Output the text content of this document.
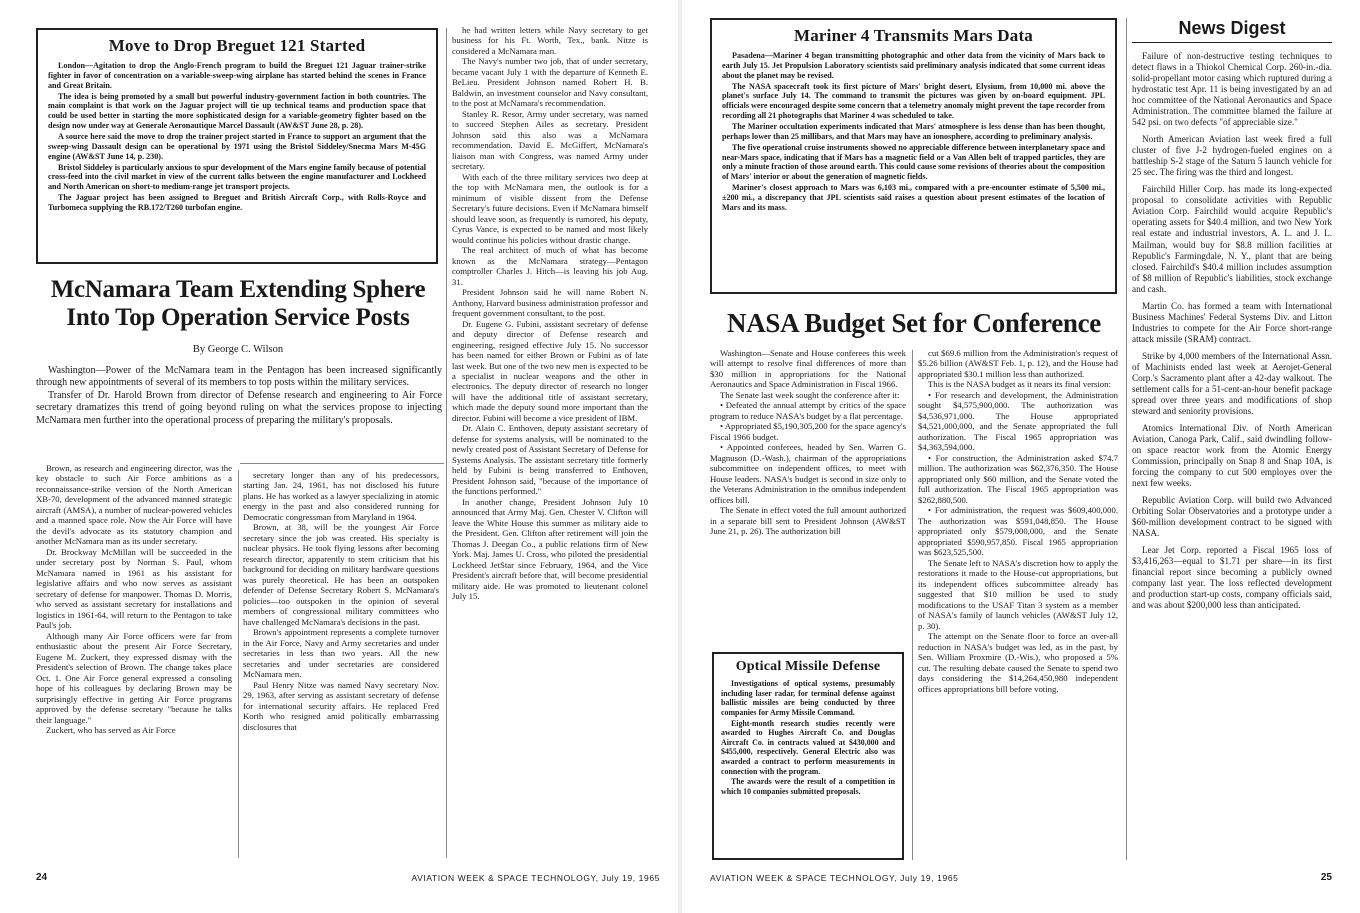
Move to Drop Breguet 121 Started

London—Agitation to drop the Anglo-French program to build the Breguet 121 Jaguar trainer-strike fighter in favor of concentration on a variable-sweep-wing airplane has started behind the scenes in France and Great Britain.

The idea is being promoted by a small but powerful industry-government faction in both countries. The main complaint is that work on the Jaguar project will tie up technical teams and production space that could be used better in starting the more sophisticated design for a variable-geometry fighter based on the design now under way at Generale Aeronautique Marcel Dassault (AW&ST June 28, p. 28).

A source here said the move to drop the trainer project started in France to support an argument that the sweep-wing Dassault design can be operational by 1971 using the Bristol Siddeley/Snecma Mars M-45G engine (AW&ST June 14, p. 230).

Bristol Siddeley is particularly anxious to spur development of the Mars engine family because of potential cross-feed into the civil market in view of the current talks between the engine manufacturer and Lockheed and North American on short-to medium-range jet transport projects.

The Jaguar project has been assigned to Breguet and British Aircraft Corp., with Rolls-Royce and Turbomeca supplying the RB.172/T260 turbofan engine.

McNamara Team Extending Sphere Into Top Operation Service Posts
By George C. Wilson

Washington—Power of the McNamara team in the Pentagon has been increased significantly through new appointments of several of its members to top posts within the military services.

Transfer of Dr. Harold Brown from director of Defense research and engineering to Air Force secretary dramatizes this trend of going beyond ruling on what the services propose to injecting McNamara men further into the operational process of preparing the military's proposals.

Brown, as research and engineering director, was the key obstacle to such Air Force ambitions as a reconnaissance-strike version of the North American XB-70, development of the advanced manned strategic aircraft (AMSA), a number of nuclear-powered vehicles and a manned space role. Now the Air Force will have the devil's advocate as its statutory champion and another McNamara man as its under secretary.

Dr. Brockway McMillan will be succeeded in the under secretary post by Norman S. Paul, whom McNamara named in 1961 as his assistant for legislative affairs and who now serves as assistant secretary of defense for manpower. Thomas D. Morris, who served as assistant secretary for installations and logistics in 1961-64, will return to the Pentagon to take Paul's job.

Although many Air Force officers were far from enthusiastic about the present Air Force Secretary, Eugene M. Zuckert, they expressed dismay with the President's selection of Brown. The change takes place Oct. 1. One Air Force general expressed a consoling hope of his colleagues by declaring Brown may be surprisingly effective in getting Air Force programs approved by the defense secretary "because he talks their language."

Zuckert, who has served as Air Force

secretary longer than any of his predecessors, starting Jan. 24, 1961, has not disclosed his future plans. He has worked as a lawyer specializing in atomic energy in the past and also considered running for Democratic congressman from Maryland in 1964.

Brown, at 38, will be the youngest Air Force secretary since the job was created. His specialty is nuclear physics. He took flying lessons after becoming research director, apparently to stem criticism that his background for deciding on military hardware questions was purely theoretical. He has been an outspoken defender of Defense Secretary Robert S. McNamara's policies—too outspoken in the opinion of several members of congressional military committees who have challenged McNamara's decisions in the past.

Brown's appointment represents a complete turnover in the Air Force, Navy and Army secretaries and under secretaries in less than two years. All the new secretaries and under secretaries are considered McNamara men.

Paul Henry Nitze was named Navy secretary Nov. 29, 1963, after serving as assistant secretary of defense for international security affairs. He replaced Fred Korth who resigned amid politically embarrassing disclosures that

he had written letters while Navy secretary to get business for his Ft. Worth, Tex., bank. Nitze is considered a McNamara man.

The Navy's number two job, that of under secretary, became vacant July 1 with the departure of Kenneth E. BeLieu. President Johnson named Robert H. B. Baldwin, an investment counselor and Navy consultant, to the post at McNamara's recommendation.

Stanley R. Resor, Army under secretary, was named to succeed Stephen Ailes as secretary. President Johnson said this also was a McNamara recommendation. David E. McGiffert, McNamara's liaison man with Congress, was named Army under secretary.

With each of the three military services two deep at the top with McNamara men, the outlook is for a minimum of visible dissent from the Defense Secretary's future decisions. Even if McNamara himself should leave soon, as frequently is rumored, his deputy, Cyrus Vance, is expected to be named and most likely would continue his policies without drastic change.

The real architect of much of what has become known as the McNamara strategy—Pentagon comptroller Charles J. Hitch—is leaving his job Aug. 31.

President Johnson said he will name Robert N. Anthony, Harvard business administration professor and frequent government consultant, to the post.

Dr. Eugene G. Fubini, assistant secretary of defense and deputy director of Defense research and engineering, resigned effective July 15. No successor has been named for either Brown or Fubini as of late last week. But one of the two new men is expected to be a specialist in nuclear weapons and the other in electronics. The deputy director of research no longer will have the additional title of assistant secretary, which made the deputy sound more important than the director. Fubini will become a vice president of IBM.

Dr. Alain C. Enthoven, deputy assistant secretary of defense for systems analysis, will be nominated to the newly created post of Assistant Secretary of Defense for Systems Analysis. The assistant secretary title formerly held by Fubini is being transferred to Enthoven, President Johnson said, "because of the importance of the functions performed."

In another change, President Johnson July 10 announced that Army Maj. Gen. Chester V. Clifton will leave the White House this summer as military aide to the President. Gen. Clifton after retirement will join the Thomas J. Deegan Co., a public relations firm of New York. Maj. James U. Cross, who piloted the presidential Lockheed JetStar since February, 1964, and the Vice President's aircraft before that, will become presidential military aide. He was promoted to lieutenant colonel July 15.

24	AVIATION WEEK & SPACE TECHNOLOGY, July 19, 1965
Mariner 4 Transmits Mars Data

Pasadena—Mariner 4 began transmitting photographic and other data from the vicinity of Mars back to earth July 15. Jet Propulsion Laboratory scientists said preliminary analysis indicated that some current ideas about the planet may be revised.

The NASA spacecraft took its first picture of Mars' bright desert, Elysium, from 10,000 mi. above the planet's surface July 14. The command to transmit the pictures was given by on-board equipment. JPL officials were encouraged despite some concern that a telemetry anomaly might prevent the tape recorder from recording all 21 photographs that Mariner 4 was scheduled to take.

The Mariner occultation experiments indicated that Mars' atmosphere is less dense than has been thought, perhaps lower than 25 millibars, and that Mars may have an ionosphere, according to preliminary analysis.

The five operational cruise instruments showed no appreciable difference between interplanetary space and near-Mars space, indicating that if Mars has a magnetic field or a Van Allen belt of trapped particles, they are only a minute fraction of those around earth. This could cause some revisions of theories about the composition of Mars' interior or about the generation of magnetic fields.

Mariner's closest approach to Mars was 6,103 mi., compared with a pre-encounter estimate of 5,500 mi., ±200 mi., a discrepancy that JPL scientists said raises a question about present estimates of the location of Mars and its mass.

NASA Budget Set for Conference

Washington—Senate and House conferees this week will attempt to resolve final differences of more than $30 million in appropriations for the National Aeronautics and Space Administration in Fiscal 1966.

The Senate last week sought the conference after it:

• Defeated the annual attempt by critics of the space program to reduce NASA's budget by a flat percentage.

• Appropriated $5,190,305,200 for the space agency's Fiscal 1966 budget.

• Appointed conferees, headed by Sen. Warren G. Magnuson (D.-Wash.), chairman of the appropriations subcommittee on independent offices, to meet with House leaders. NASA's budget is second in size only to the Veterans Administration in the omnibus independent offices bill.

The Senate in effect voted the full amount authorized in a separate bill sent to President Johnson (AW&ST June 21, p. 26). The authorization bill

Optical Missile Defense

Investigations of optical systems, presumably including laser radar, for terminal defense against ballistic missiles are being conducted by three companies for Army Missile Command.

Eight-month research studies recently were awarded to Hughes Aircraft Co. and Douglas Aircraft Co. in contracts valued at $430,000 and $455,000, respectively. General Electric also was awarded a contract to perform measurements in connection with the program.

The awards were the result of a competition in which 10 companies submitted proposals.

cut $69.6 million from the Administration's request of $5.26 billion (AW&ST Feb. 1, p. 12), and the House had appropriated $30.1 million less than authorized.

This is the NASA budget as it nears its final version:

• For research and development, the Administration sought $4,575,900,000. The authorization was $4,536,971,000. The House appropriated $4,521,000,000, and the Senate appropriated the full authorization. The Fiscal 1965 appropriation was $4,363,594,000.

• For construction, the Administration asked $74.7 million. The authorization was $62,376,350. The House appropriated only $60 million, and the Senate voted the full authorization. The Fiscal 1965 appropriation was $262,880,500.

• For administration, the request was $609,400,000. The authorization was $591,048,850. The House appropriated only $579,000,000, and the Senate appropriated $590,957,850. Fiscal 1965 appropriation was $623,525,500.

The Senate left to NASA's discretion how to apply the restorations it made to the House-cut appropriations, but its independent offices subcommittee already has suggested that $10 million be used to study modifications to the USAF Titan 3 system as a member of NASA's family of launch vehicles (AW&ST July 12, p. 30).

The attempt on the Senate floor to force an over-all reduction in NASA's budget was led, as in the past, by Sen. William Proxmire (D.-Wis.), who proposed a 5% cut. The resulting debate caused the Senate to spend two days considering the $14,264,450,980 independent offices appropriations bill before voting.

News Digest

Failure of non-destructive testing techniques to detect flaws in a Thiokol Chemical Corp. 260-in.-dia. solid-propellant motor casing which ruptured during a hydrostatic test Apr. 11 is being investigated by an ad hoc committee of the National Aeronautics and Space Administration. The committee blamed the failure at 542 psi. on two defects "of appreciable size."

North American Aviation last week fired a full cluster of five J-2 hydrogen-fueled engines on a battleship S-2 stage of the Saturn 5 launch vehicle for 25 sec. The firing was the third and longest.

Fairchild Hiller Corp. has made its long-expected proposal to consolidate activities with Republic Aviation Corp. Fairchild would acquire Republic's operating assets for $40.4 million, and two New York real estate and industrial investors, A. L. and J. L. Mailman, would buy for $8.8 million facilities at Republic's Farmingdale, N. Y., plant that are being closed. Fairchild's $40.4 million includes assumption of $8 million of Republic's liabilities, stock exchange and cash.

Martin Co. has formed a team with International Business Machines' Federal Systems Div. and Litton Industries to compete for the Air Force short-range attack missile (SRAM) contract.

Strike by 4,000 members of the International Assn. of Machinists ended last week at Aerojet-General Corp.'s Sacramento plant after a 42-day walkout. The settlement calls for a 51-cent-an-hour benefit package spread over three years and modifications of shop steward and seniority provisions.

Atomics International Div. of North American Aviation, Canoga Park, Calif., said dwindling follow-on space reactor work from the Atomic Energy Commission, principally on Snap 8 and Snap 10A, is forcing the company to cut 500 employes over the next few weeks.

Republic Aviation Corp. will build two Advanced Orbiting Solar Observatories and a prototype under a $60-million development contract to be signed with NASA.

Lear Jet Corp. reported a Fiscal 1965 loss of $3,416,263—equal to $1.71 per share—in its first financial report since becoming a publicly owned company last year. The loss reflected development and production start-up costs, company officials said, and was about $200,000 less than anticipated.

AVIATION WEEK & SPACE TECHNOLOGY, July 19, 1965	25
